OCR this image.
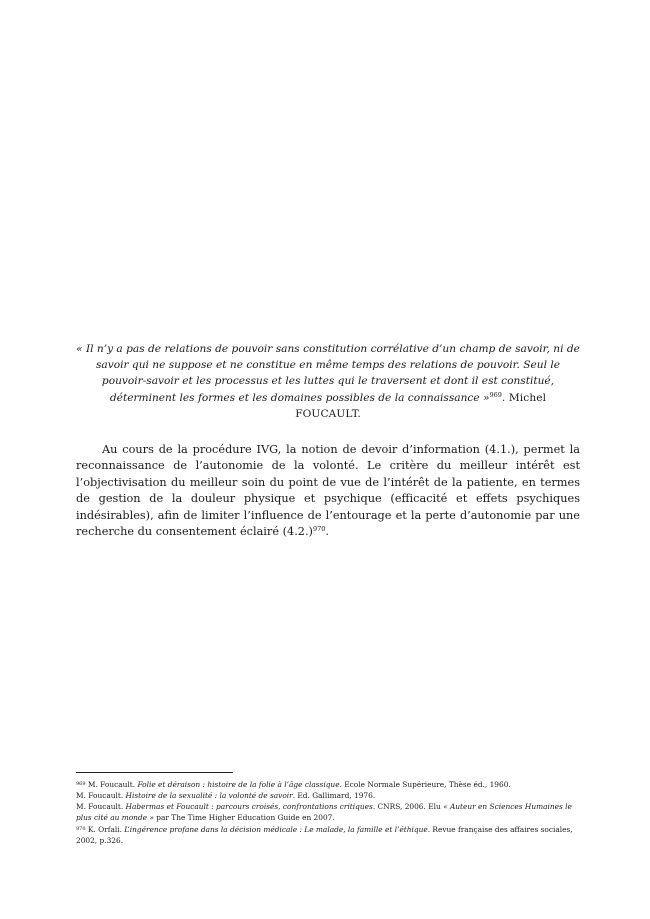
« Il n’y a pas de relations de pouvoir sans constitution corrélative d’un champ de savoir, ni de savoir qui ne suppose et ne constitue en même temps des relations de pouvoir. Seul le pouvoir-savoir et les processus et les luttes qui le traversent et dont il est constitué, déterminent les formes et les domaines possibles de la connaissance »$^{969}$. Michel FOUCAULT.

Au cours de la procédure IVG, la notion de devoir d’information (4.1.), permet la reconnaissance de l’autonomie de la volonté. Le critère du meilleur intérêt est l’objectivisation du meilleur soin du point de vue de l’intérêt de la patiente, en termes de gestion de la douleur physique et psychique (efficacité et effets psychiques indésirables), afin de limiter l’influence de l’entourage et la perte d’autonomie par une recherche du consentement éclairé $(4.2.)^{970}$.

$^{969}$ M. Foucault. Folie et déraison : histoire de la folie à l’âge classique. Ecole Normale Supérieure, Thèse éd., 1960.

M. Foucault. Histoire de la sexualité : la volonté de savoir. Ed. Gallimard, 1976.

M. Foucault. Habermas et Foucault : parcours croisés, confrontations critiques. CNRS, 2006. Elu « Auteur en Sciences Humaines le plus cité au monde » par The Time Higher Education Guide en 2007.

$^{970}$ K. Orfali. L’ingérence profane dans la décision médicale : Le malade, la famille et l’éthique. Revue française des affaires sociales, 2002, p.326.
